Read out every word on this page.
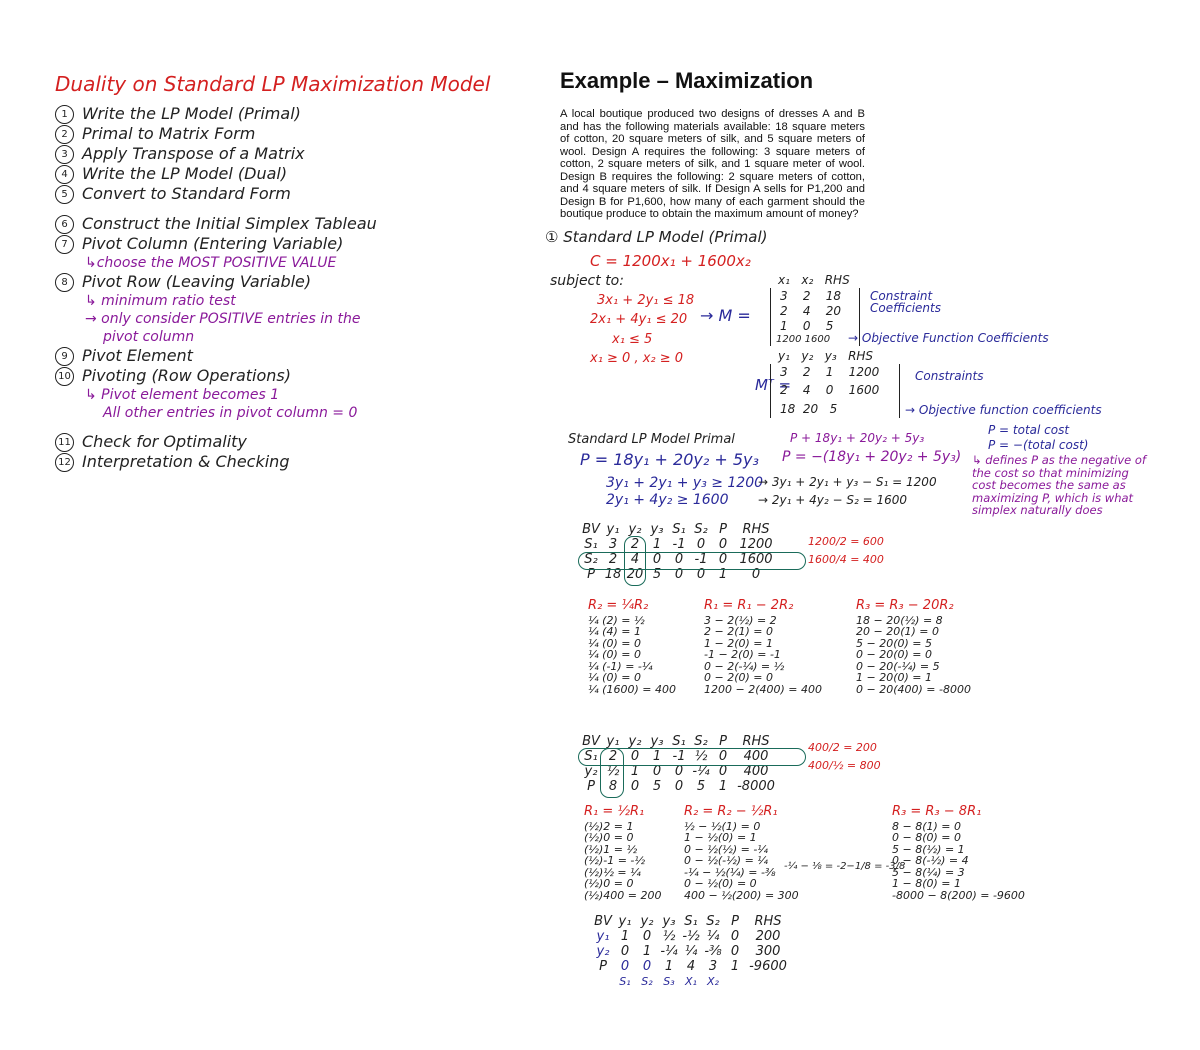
Duality on Standard LP Maximization Model
1 Write the LP Model (Primal)
2 Primal to Matrix Form
3 Apply Transpose of a Matrix
4 Write the LP Model (Dual)
5 Convert to Standard Form
6 Construct the Initial Simplex Tableau
7 Pivot Column (Entering Variable)
↳choose the MOST POSITIVE VALUE
8 Pivot Row (Leaving Variable)
↳ minimum ratio test
→ only consider POSITIVE entries in the
pivot column
9 Pivot Element
10 Pivoting (Row Operations)
↳ Pivot element becomes 1
All other entries in pivot column = 0
11 Check for Optimality
12 Interpretation & Checking
Example – Maximization

A local boutique produced two designs of dresses A and B and has the following materials available: 18 square meters of cotton, 20 square meters of silk, and 5 square meters of wool. Design A requires the following: 3 square meters of cotton, 2 square meters of silk, and 1 square meter of wool. Design B requires the following: 2 square meters of cotton, and 4 square meters of silk. If Design A sells for P1,200 and Design B for P1,600, how many of each garment should the boutique produce to obtain the maximum amount of money?

① Standard LP Model (Primal)
C = 1200x₁ + 1600x₂
subject to:
3x₁ + 2y₁ ≤ 18
2x₁ + 4y₁ ≤ 20
x₁ ≤ 5
x₁ ≥ 0 , x₂ ≥ 0
→ M =
x₁   x₂   RHS
3    2    18
2    4    20
1    0    5
1200 1600
Constraint
Coefficients
→ Objective Function Coefficients
Mᵀ =
y₁   y₂   y₃   RHS
3    2    1    1200
2    4    0    1600
18  20   5
Constraints
→ Objective function coefficients
Standard LP Model Primal
P = 18y₁ + 20y₂ + 5y₃
3y₁ + 2y₁ + y₃ ≥ 1200
2y₁ + 4y₂ ≥ 1600
P + 18y₁ + 20y₂ + 5y₃
P = −(18y₁ + 20y₂ + 5y₃)
→ 3y₁ + 2y₁ + y₃ − S₁ = 1200
→ 2y₁ + 4y₂ − S₂ = 1600
P = total cost
P = −(total cost)
↳ defines P as the negative of
the cost so that minimizing
cost becomes the same as
maximizing P, which is what
simplex naturally does
BV y₁ y₂ y₃ S₁ S₂ P	RHS
S₁ 3	2	1 -1 0	0 1200
S₂ 2	4	0	0 -1 0 1600
P 18 20 5	0	0	1	0
1200/2 = 600
1600/4 = 400
R₂ = ¼R₂
¼ (2) = ½
¼ (4) = 1
¼ (0) = 0
¼ (0) = 0
¼ (-1) = -¼
¼ (0) = 0
¼ (1600) = 400
R₁ = R₁ − 2R₂
3 − 2(½) = 2
2 − 2(1) = 0
1 − 2(0) = 1
-1 − 2(0) = -1
0 − 2(-¼) = ½
0 − 2(0) = 0
1200 − 2(400) = 400
R₃ = R₃ − 20R₂
18 − 20(½) = 8
20 − 20(1) = 0
5 − 20(0) = 5
0 − 20(0) = 0
0 − 20(-¼) = 5
1 − 20(0) = 1
0 − 20(400) = -8000
BV y₁ y₂ y₃ S₁ S₂ P	RHS
S₁ 2	0	1 -1 ½ 0	400
y₂ ½ 1	0	0 -¼ 0	400
P	8	0	5	0	5	1 -8000
400/2 = 200
400/½ = 800
R₁ = ½R₁
(½)2 = 1
(½)0 = 0
(½)1 = ½
(½)-1 = -½
(½)½ = ¼
(½)0 = 0
(½)400 = 200
R₂ = R₂ − ½R₁
½ − ½(1) = 0
1 − ½(0) = 1
0 − ½(½) = -¼
0 − ½(-½) = ¼
-¼ − ½(¼) = -⅜
0 − ½(0) = 0
400 − ½(200) = 300
-¼ − ⅛ = -2−1/8 = -3/8
R₃ = R₃ − 8R₁
8 − 8(1) = 0
0 − 8(0) = 0
5 − 8(½) = 1
0 − 8(-½) = 4
5 − 8(¼) = 3
1 − 8(0) = 1
-8000 − 8(200) = -9600
BV y₁ y₂ y₃ S₁ S₂ P	RHS
y₁ 1	0 ½ -½ ¼ 0	200
y₂ 0	1 -¼ ¼ -⅜ 0	300
P	0	0	1	4	3	1 -9600
S₁ S₂ S₃ X₁ X₂
